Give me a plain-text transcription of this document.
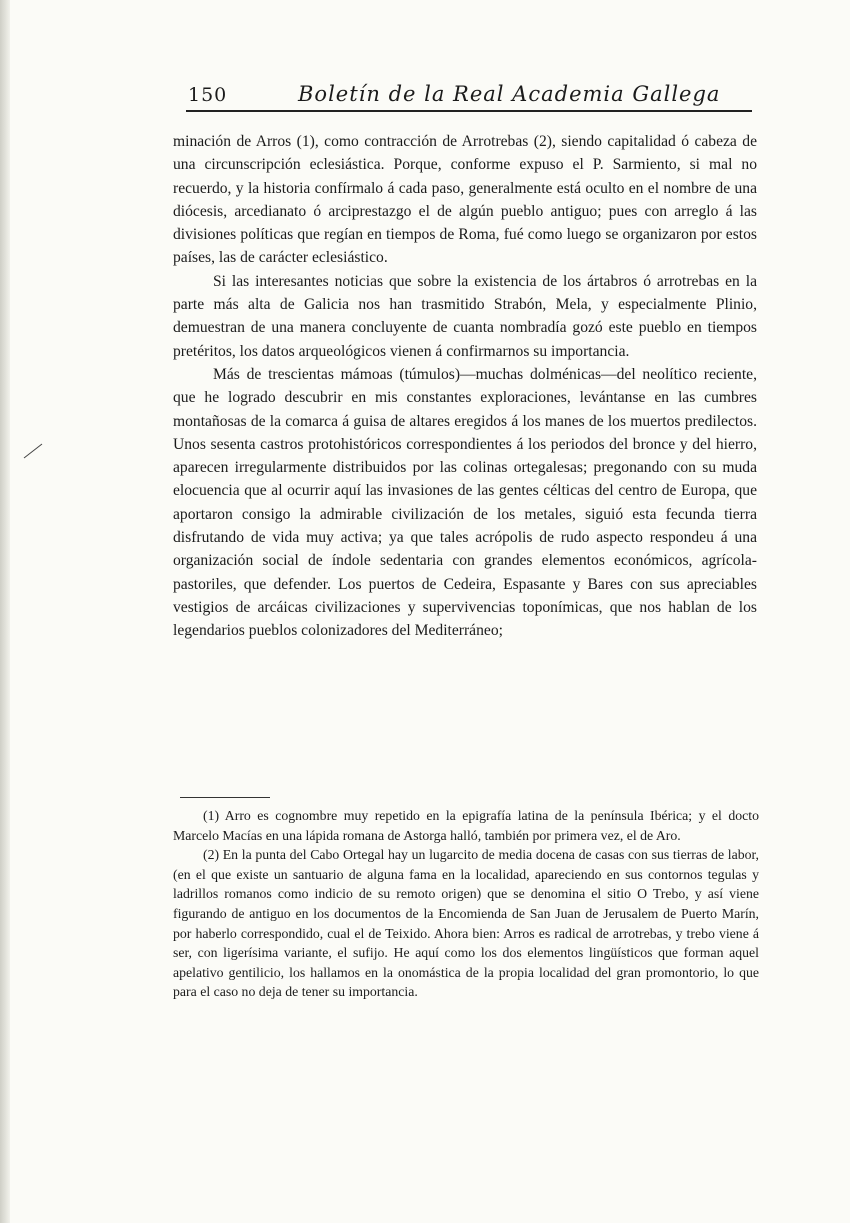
150	Boletín de la Real Academia Gallega

minación de Arros (1), como contracción de Arrotrebas (2), siendo capitalidad ó cabeza de una circunscripción eclesiástica. Porque, conforme expuso el P. Sarmiento, si mal no recuerdo, y la historia confírmalo á cada paso, generalmente está oculto en el nombre de una diócesis, arcedianato ó arciprestazgo el de algún pueblo antiguo; pues con arreglo á las divisiones políticas que regían en tiempos de Roma, fué como luego se organizaron por estos países, las de carácter eclesiástico.

Si las interesantes noticias que sobre la existencia de los ártabros ó arrotrebas en la parte más alta de Galicia nos han trasmitido Strabón, Mela, y especialmente Plinio, demuestran de una manera concluyente de cuanta nombradía gozó este pueblo en tiempos pretéritos, los datos arqueológicos vienen á confirmarnos su importancia.

Más de trescientas mámoas (túmulos)—muchas dolménicas—del neolítico reciente, que he logrado descubrir en mis constantes exploraciones, levántanse en las cumbres montañosas de la comarca á guisa de altares eregidos á los manes de los muertos predilectos. Unos sesenta castros protohistóricos correspondientes á los periodos del bronce y del hierro, aparecen irregularmente distribuidos por las colinas ortegalesas; pregonando con su muda elocuencia que al ocurrir aquí las invasiones de las gentes célticas del centro de Europa, que aportaron consigo la admirable civilización de los metales, siguió esta fecunda tierra disfrutando de vida muy activa; ya que tales acrópolis de rudo aspecto respondeu á una organización social de índole sedentaria con grandes elementos económicos, agrícola-pastoriles, que defender. Los puertos de Cedeira, Espasante y Bares con sus apreciables vestigios de arcáicas civilizaciones y supervivencias toponímicas, que nos hablan de los legendarios pueblos colonizadores del Mediterráneo;

(1) Arro es cognombre muy repetido en la epigrafía latina de la península Ibérica; y el docto Marcelo Macías en una lápida romana de Astorga halló, también por primera vez, el de Aro.

(2) En la punta del Cabo Ortegal hay un lugarcito de media docena de casas con sus tierras de labor, (en el que existe un santuario de alguna fama en la localidad, apareciendo en sus contornos tegulas y ladrillos romanos como indicio de su remoto origen) que se denomina el sitio O Trebo, y así viene figurando de antiguo en los documentos de la Encomienda de San Juan de Jerusalem de Puerto Marín, por haberlo correspondido, cual el de Teixido. Ahora bien: Arros es radical de arrotrebas, y trebo viene á ser, con ligerísima variante, el sufijo. He aquí como los dos elementos lingüísticos que forman aquel apelativo gentilicio, los hallamos en la onomástica de la propia localidad del gran promontorio, lo que para el caso no deja de tener su importancia.
